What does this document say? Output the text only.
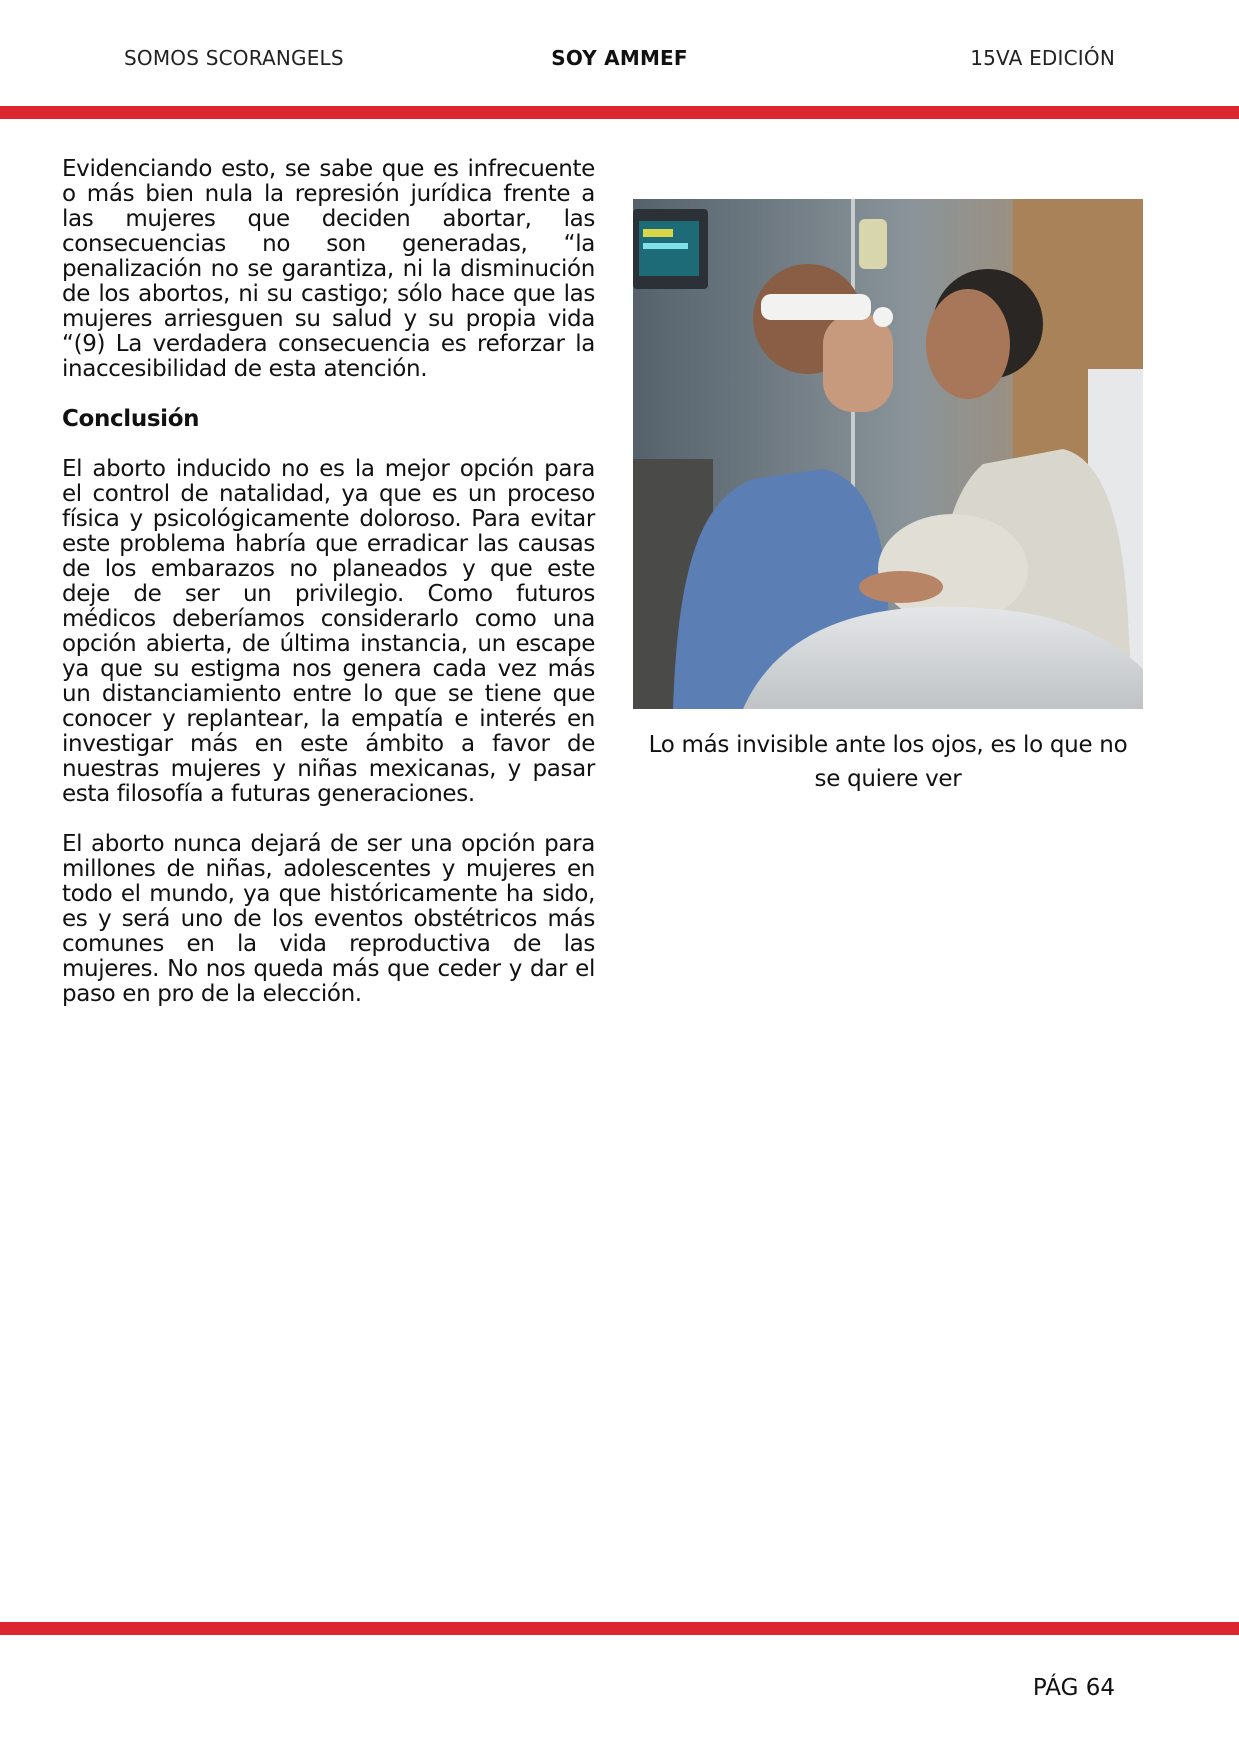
SOMOS SCORANGELS	SOY AMMEF	15VA EDICIÓN

Evidenciando esto, se sabe que es infrecuente o más bien nula la represión jurídica frente a las mujeres que deciden abortar, las consecuencias no son generadas, “la penalización no se garantiza, ni la disminución de los abortos, ni su castigo; sólo hace que las mujeres arriesguen su salud y su propia vida “(9) La verdadera consecuencia es reforzar la inaccesibilidad de esta atención.

Conclusión

El aborto inducido no es la mejor opción para el control de natalidad, ya que es un proceso física y psicológicamente doloroso. Para evitar este problema habría que erradicar las causas de los embarazos no planeados y que este deje de ser un privilegio. Como futuros médicos deberíamos considerarlo como una opción abierta, de última instancia, un escape ya que su estigma nos genera cada vez más un distanciamiento entre lo que se tiene que conocer y replantear, la empatía e interés en investigar más en este ámbito a favor de nuestras mujeres y niñas mexicanas, y pasar esta filosofía a futuras generaciones.

El aborto nunca dejará de ser una opción para millones de niñas, adolescentes y mujeres en todo el mundo, ya que históricamente ha sido, es y será uno de los eventos obstétricos más comunes en la vida reproductiva de las mujeres. No nos queda más que ceder y dar el paso en pro de la elección.

Lo más invisible ante los ojos, es lo que no se quiere ver
PÁG 64
